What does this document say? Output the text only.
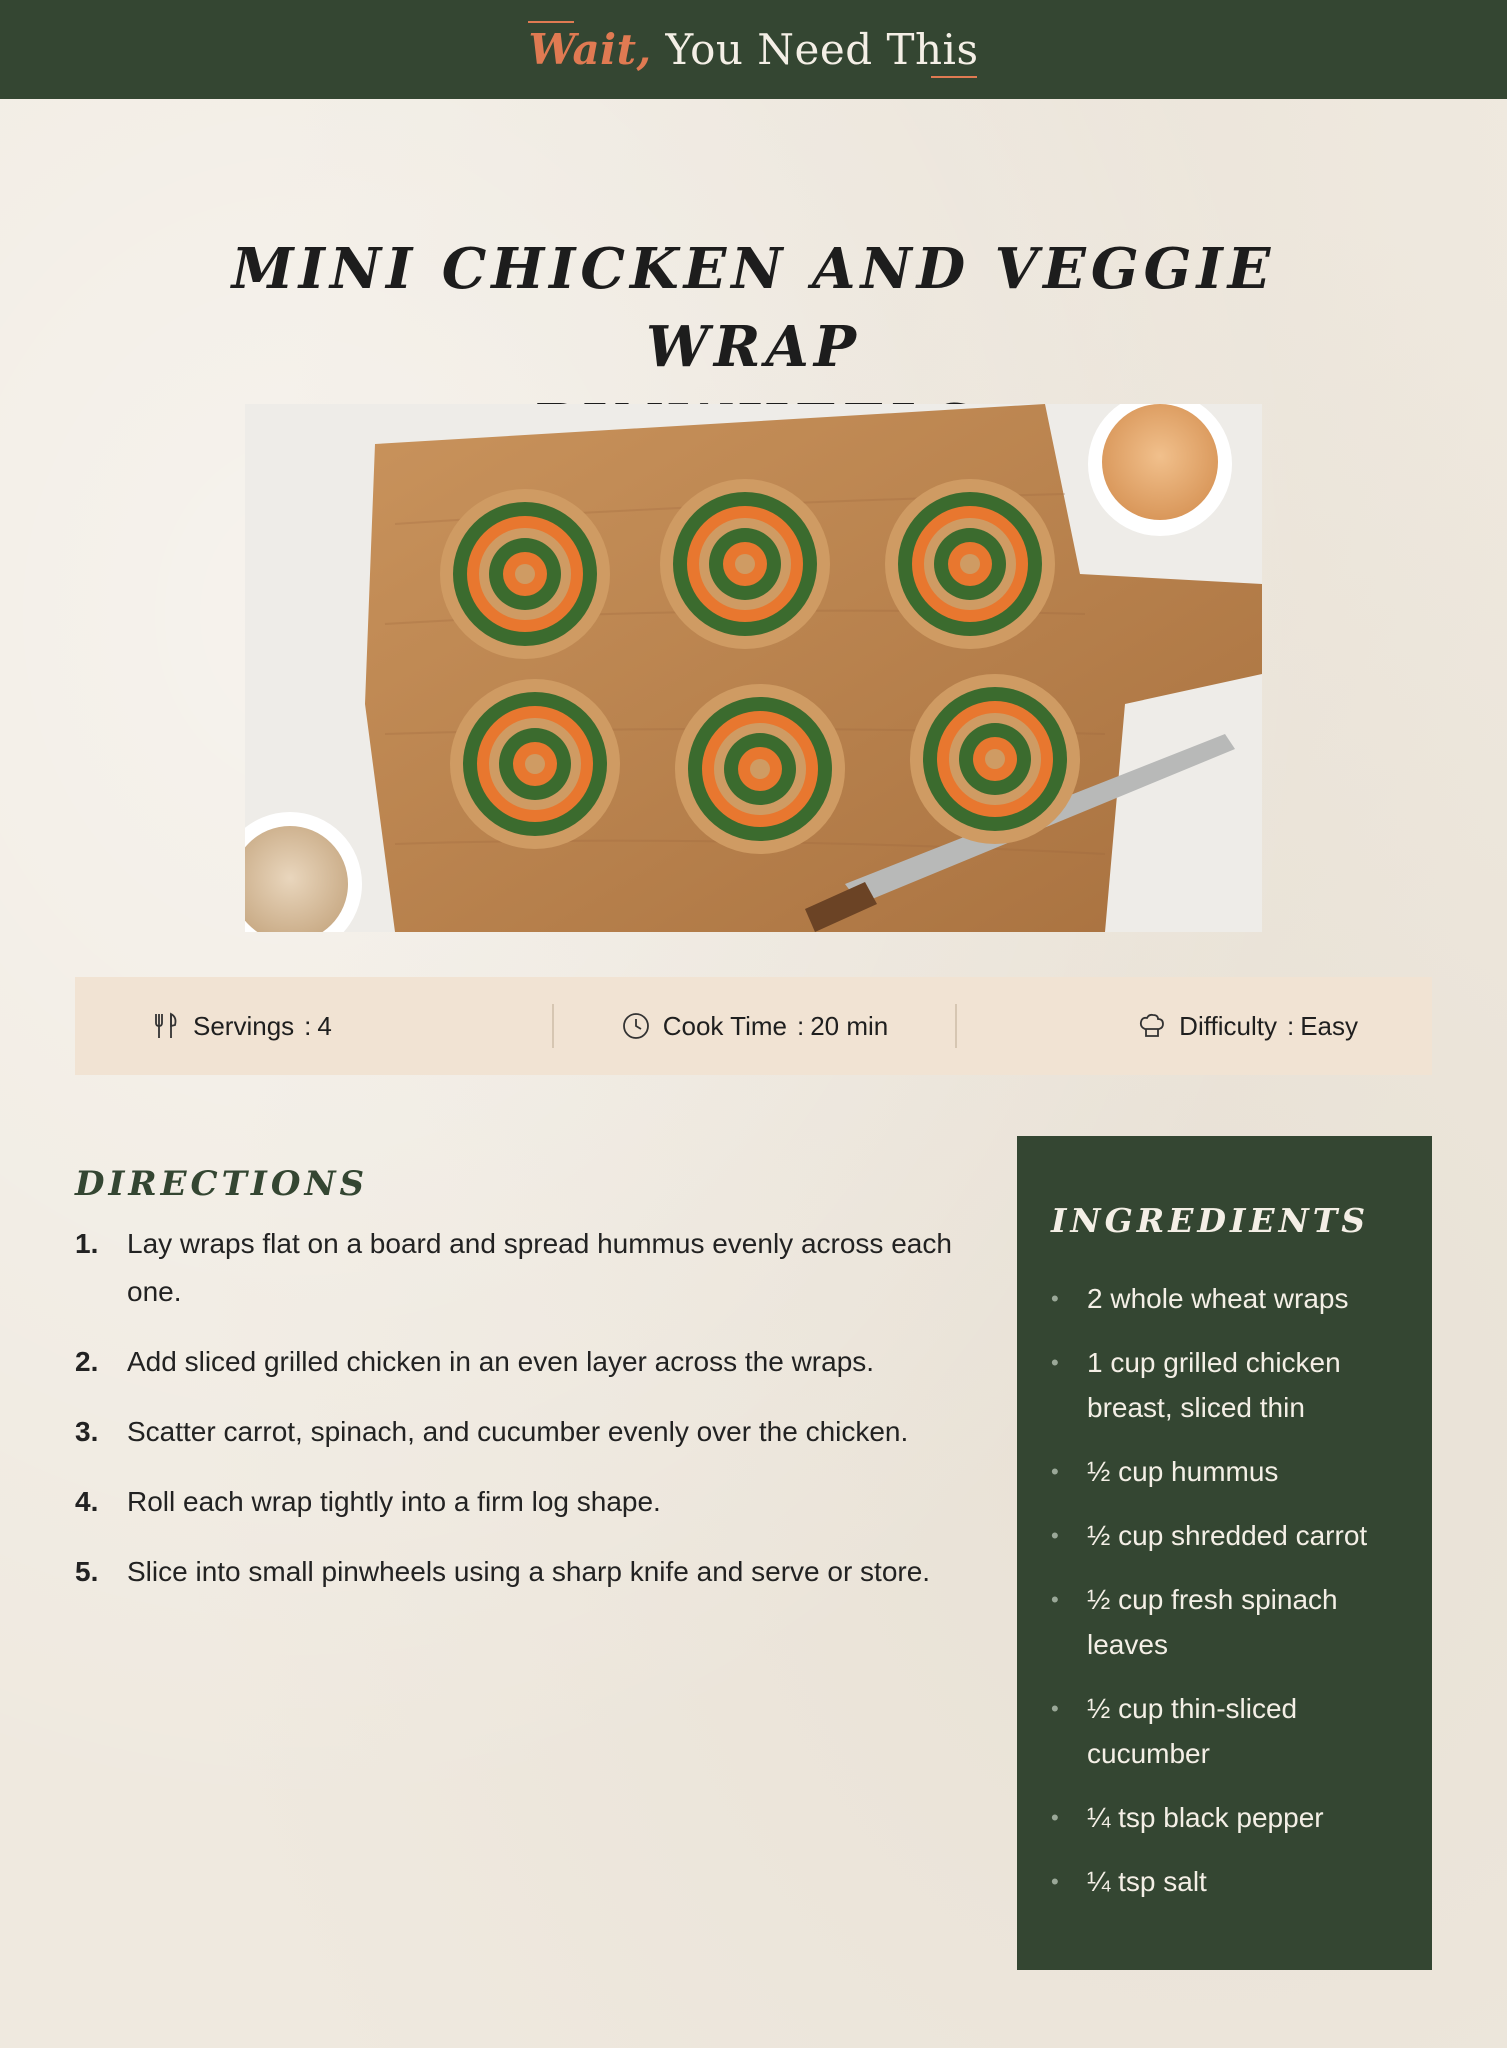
Wait, You Need This
MINI CHICKEN AND VEGGIE WRAP

Servings : 4	Cook Time : 20 min	Difficulty : Easy
DIRECTIONS
1.	Lay wraps flat on a board and spread hummus evenly across each one.
2.	Add sliced grilled chicken in an even layer across the wraps.
3.	Scatter carrot, spinach, and cucumber evenly over the chicken.
4.	Roll each wrap tightly into a firm log shape.
5.	Slice into small pinwheels using a sharp knife and serve or store.
INGREDIENTS
•	2 whole wheat wraps
•	1 cup grilled chicken breast, sliced thin
•	½ cup hummus
•	½ cup shredded carrot
•	½ cup fresh spinach leaves
•	½ cup thin-sliced cucumber
•	¼ tsp black pepper
•	¼ tsp salt
